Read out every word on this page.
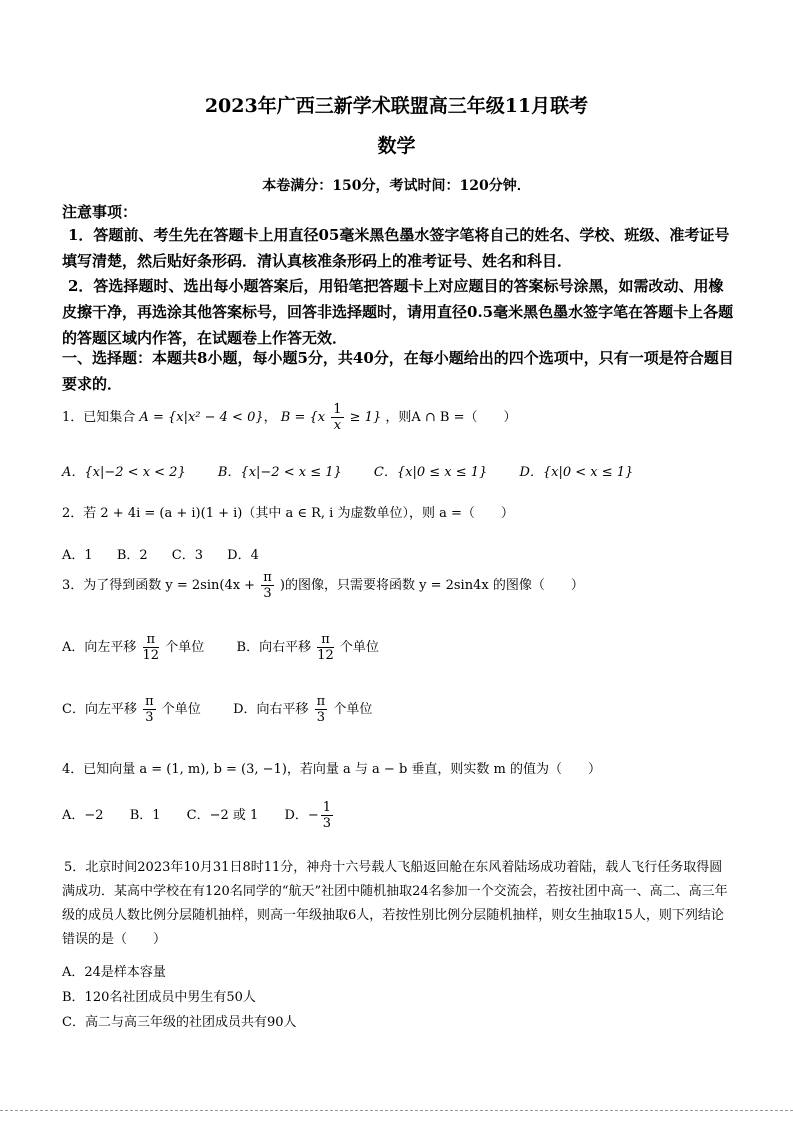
2023年广西三新学术联盟高三年级11月联考
数学
本卷满分：150分，考试时间：120分钟．
注意事项：
1．答题前、考生先在答题卡上用直径05毫米黑色墨水签字笔将自己的姓名、学校、班级、准考证号填写清楚，然后贴好条形码．清认真核准条形码上的准考证号、姓名和科目．
2．答选择题时、选出每小题答案后，用铅笔把答题卡上对应题目的答案标号涂黑，如需改动、用橡皮擦干净，再选涂其他答案标号，回答非选择题时，请用直径0.5毫米黑色墨水签字笔在答题卡上各题的答题区域内作答，在试题卷上作答无效．
一、选择题：本题共8小题，每小题5分，共40分，在每小题给出的四个选项中，只有一项是符合题目要求的．
1．已知集合 A = {x|x² − 4 < 0}， $B = \{x \frac{1}{x} \ge 1\}$ ，则A ∩ B =（　　）
A．{x|−2 < x < 2} B．{x|−2 < x ≤ 1} C．{x|0 ≤ x ≤ 1} D．{x|0 < x ≤ 1}
2．若 2 + 4i = (a + i)(1 + i)（其中 a ∈ R, i 为虚数单位），则 a =（　　）
A．1 B．2 C．3 D．4
3．为了得到函数 $y = 2\sin(4x + \frac{\pi}{3}$ )的图像，只需要将函数 y = 2sin4x 的图像（　　）
A．向左平移 $\frac{\pi}{12}$ 个单位 B．向右平移 $\frac{\pi}{12}$ 个单位
C．向左平移 $\frac{\pi}{3}$ 个单位 D．向右平移 $\frac{\pi}{3}$ 个单位
4．已知向量 a = (1, m), b = (3, −1)，若向量 a 与 a − b 垂直，则实数 m 的值为（　　）
A．−2 B．1 C．−2 或 1 D．− $\frac{1}{3}$
5．北京时间2023年10月31日8时11分，神舟十六号载人飞船返回舱在东风着陆场成功着陆，载人飞行任务取得圆满成功．某高中学校在有120名同学的“航天”社团中随机抽取24名参加一个交流会，若按社团中高一、高二、高三年级的成员人数比例分层随机抽样，则高一年级抽取6人，若按性别比例分层随机抽样，则女生抽取15人，则下列结论错误的是（　　）
A．24是样本容量
B．120名社团成员中男生有50人
C．高二与高三年级的社团成员共有90人
